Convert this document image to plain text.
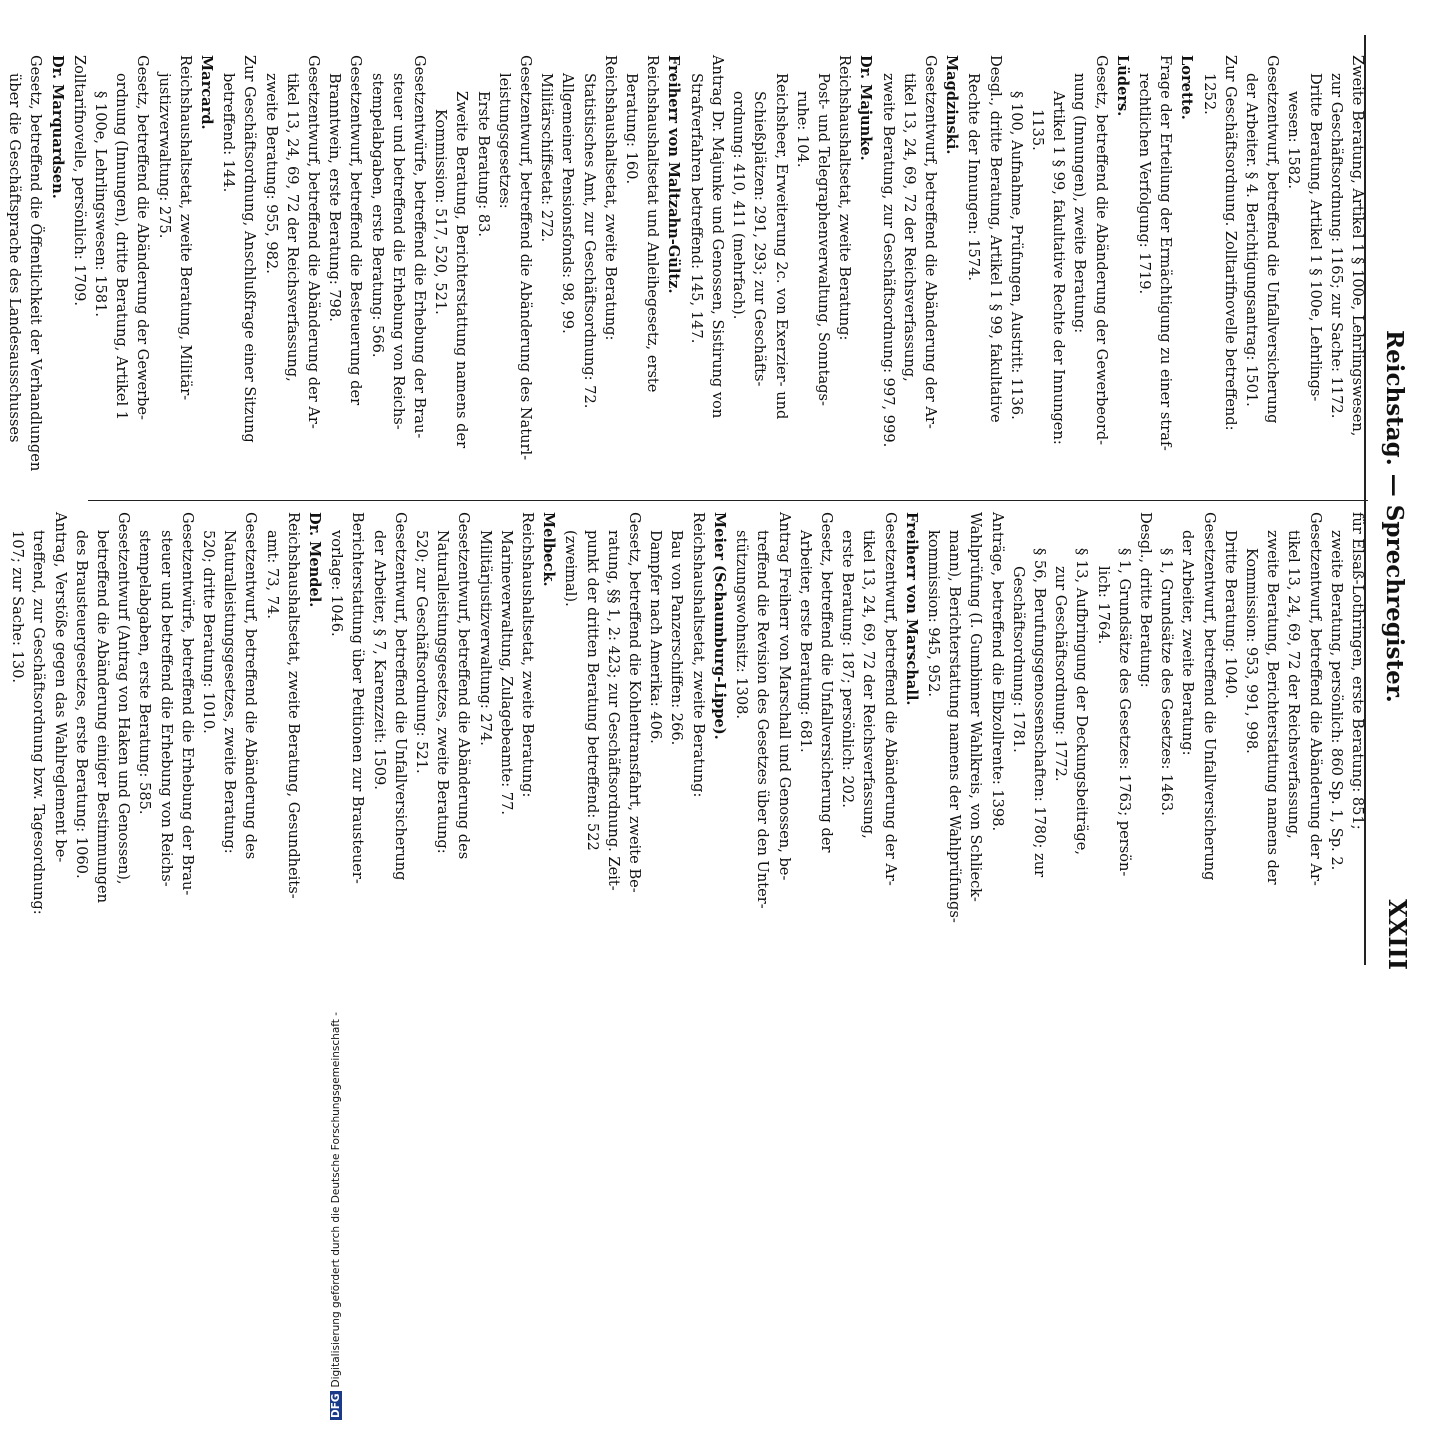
Reichstag. — Sprechregister.
XXIII
Zweite Beratung, Artikel 1 § 100e, Lehrlingswesen,
zur Geschäftsordnung: 1165; zur Sache: 1172.
Dritte Beratung, Artikel 1 § 100e, Lehrlings-
wesen: 1582.
Gesetzentwurf, betreffend die Unfallversicherung
der Arbeiter. § 4. Berichtigungsantrag: 1501.
Zur Geschäftsordnung. Zolltarifnovelle betreffend:
1252.
Lorette.
Frage der Erteilung der Ermächtigung zu einer straf-
rechtlichen Verfolgung: 1719.
Lüders.
Gesetz, betreffend die Abänderung der Gewerbeord-
nung (Innungen), zweite Beratung:
Artikel 1 § 99, fakultative Rechte der Innungen:
1135.
§ 100, Aufnahme, Prüfungen, Austritt: 1136.
Desgl., dritte Beratung, Artikel 1 § 99, fakultative
Rechte der Innungen: 1574.
Magdzinski.
Gesetzentwurf, betreffend die Abänderung der Ar-
tikel 13, 24, 69, 72 der Reichsverfassung,
zweite Beratung, zur Geschäftsordnung: 997, 999.
Dr. Majunke.
Reichshaushaltsetat, zweite Beratung:
Post- und Telegraphenverwaltung, Sonntags-
ruhe: 104.
Reichsheer, Erweiterung 2c. von Exerzier- und
Schießplätzen: 291, 293; zur Geschäfts-
ordnung: 410, 411 (mehrfach).
Antrag Dr. Majunke und Genossen, Sistirung von
Strafverfahren betreffend: 145, 147.
Freiherr von Maltzahn-Gültz.
Reichshaushaltsetat und Anleihegesetz, erste
Beratung: 160.
Reichshaushaltsetat, zweite Beratung:
Statistisches Amt, zur Geschäftsordnung: 72.
Allgemeiner Pensionsfonds: 98, 99.
Militärschiffsetat: 272.
Gesetzentwurf, betreffend die Abänderung des Naturl-
leistungsgesetzes:
Erste Beratung: 83.
Zweite Beratung, Berichterstattung namens der
Kommission: 517, 520, 521.
Gesetzentwürfe, betreffend die Erhebung der Brau-
steuer und betreffend die Erhebung von Reichs-
stempelabgaben, erste Beratung: 566.
Gesetzentwurf, betreffend die Besteuerung der
Branntwein, erste Beratung: 798.
Gesetzentwurf, betreffend die Abänderung der Ar-
tikel 13, 24, 69, 72 der Reichsverfassung,
zweite Beratung: 955, 982.
Zur Geschäftsordnung, Anschlußfrage einer Sitzung
betreffend: 144.
Marcard.
Reichshaushaltsetat, zweite Beratung, Militär-
justizverwaltung: 275.
Gesetz, betreffend die Abänderung der Gewerbe-
ordnung (Innungen), dritte Beratung, Artikel 1
§ 100e, Lehrlingswesen: 1581.
Zolltarifnovelle, persönlich: 1709.
Dr. Marquardsen.
Gesetz, betreffend die Öffentlichkeit der Verhandlungen
über die Geschäftsprache des Landesausschusses
für Elsaß-Lothringen, erste Beratung: 851;
zweite Beratung, persönlich: 860 Sp. 1, Sp. 2.
Gesetzentwurf, betreffend die Abänderung der Ar-
tikel 13, 24, 69, 72 der Reichsverfassung,
zweite Beratung, Berichterstattung namens der
Kommission: 953, 991, 998.
Dritte Beratung: 1040.
Gesetzentwurf, betreffend die Unfallversicherung
der Arbeiter, zweite Beratung:
§ 1, Grundsätze des Gesetzes: 1463.
Desgl., dritte Beratung:
§ 1, Grundsätze des Gesetzes: 1763; persön-
lich: 1764.
§ 13, Aufbringung der Deckungsbeiträge,
zur Geschäftsordnung: 1772.
§ 56, Berufungsgenossenschaften: 1780; zur
Geschäftsordnung: 1781.
Anträge, betreffend die Elbzollrente: 1398.
Wahlprüfung (I. Gumbinner Wahlkreis, von Schlieck-
mann), Berichterstattung namens der Wahlprüfungs-
kommission: 945, 952.
Freiherr von Marschall.
Gesetzentwurf, betreffend die Abänderung der Ar-
tikel 13, 24, 69, 72 der Reichsverfassung,
erste Beratung: 187; persönlich: 202.
Gesetz, betreffend die Unfallversicherung der
Arbeiter, erste Beratung: 681.
Antrag Freiherr von Marschall und Genossen, be-
treffend die Revision des Gesetzes über den Unter-
stützungswohnsitz: 1308.
Meier (Schaumburg-Lippe).
Reichshaushaltsetat, zweite Beratung:
Bau von Panzerschiffen: 266.
Dampfer nach Amerika: 406.
Gesetz, betreffend die Kohlentransfahrt, zweite Be-
ratung, §§ 1, 2: 423; zur Geschäftsordnung. Zeit-
punkt der dritten Beratung betreffend: 522
(zweimal).
Melbeck.
Reichshaushaltsetat, zweite Beratung:
Marineverwaltung, Zulagebeamte: 77.
Militärjustizverwaltung: 274.
Gesetzentwurf, betreffend die Abänderung des
Naturalleistungsgesetzes, zweite Beratung:
520; zur Geschäftsordnung: 521.
Gesetzentwurf, betreffend die Unfallversicherung
der Arbeiter, § 7, Karenzzeit: 1509.
Berichterstattung über Petitionen zur Brausteuer-
vorlage: 1046.
Dr. Mendel.
Reichshaushaltsetat, zweite Beratung, Gesundheits-
amt: 73, 74.
Gesetzentwurf, betreffend die Abänderung des
Naturalleistungsgesetzes, zweite Beratung:
520; dritte Beratung: 1010.
Gesetzentwürfe, betreffend die Erhebung der Brau-
steuer und betreffend die Erhebung von Reichs-
stempelabgaben, erste Beratung: 585.
Gesetzentwurf (Antrag von Haken und Genossen),
betreffend die Abänderung einiger Bestimmungen
des Brausteuergesetzes, erste Beratung: 1060.
Antrag, Verstöße gegen das Wahlreglement be-
treffend, zur Geschäftsordnung bzw. Tagesordnung:
107; zur Sache: 130.
DFGDigitalisierung gefördert durch die Deutsche Forschungsgemeinschaft -
